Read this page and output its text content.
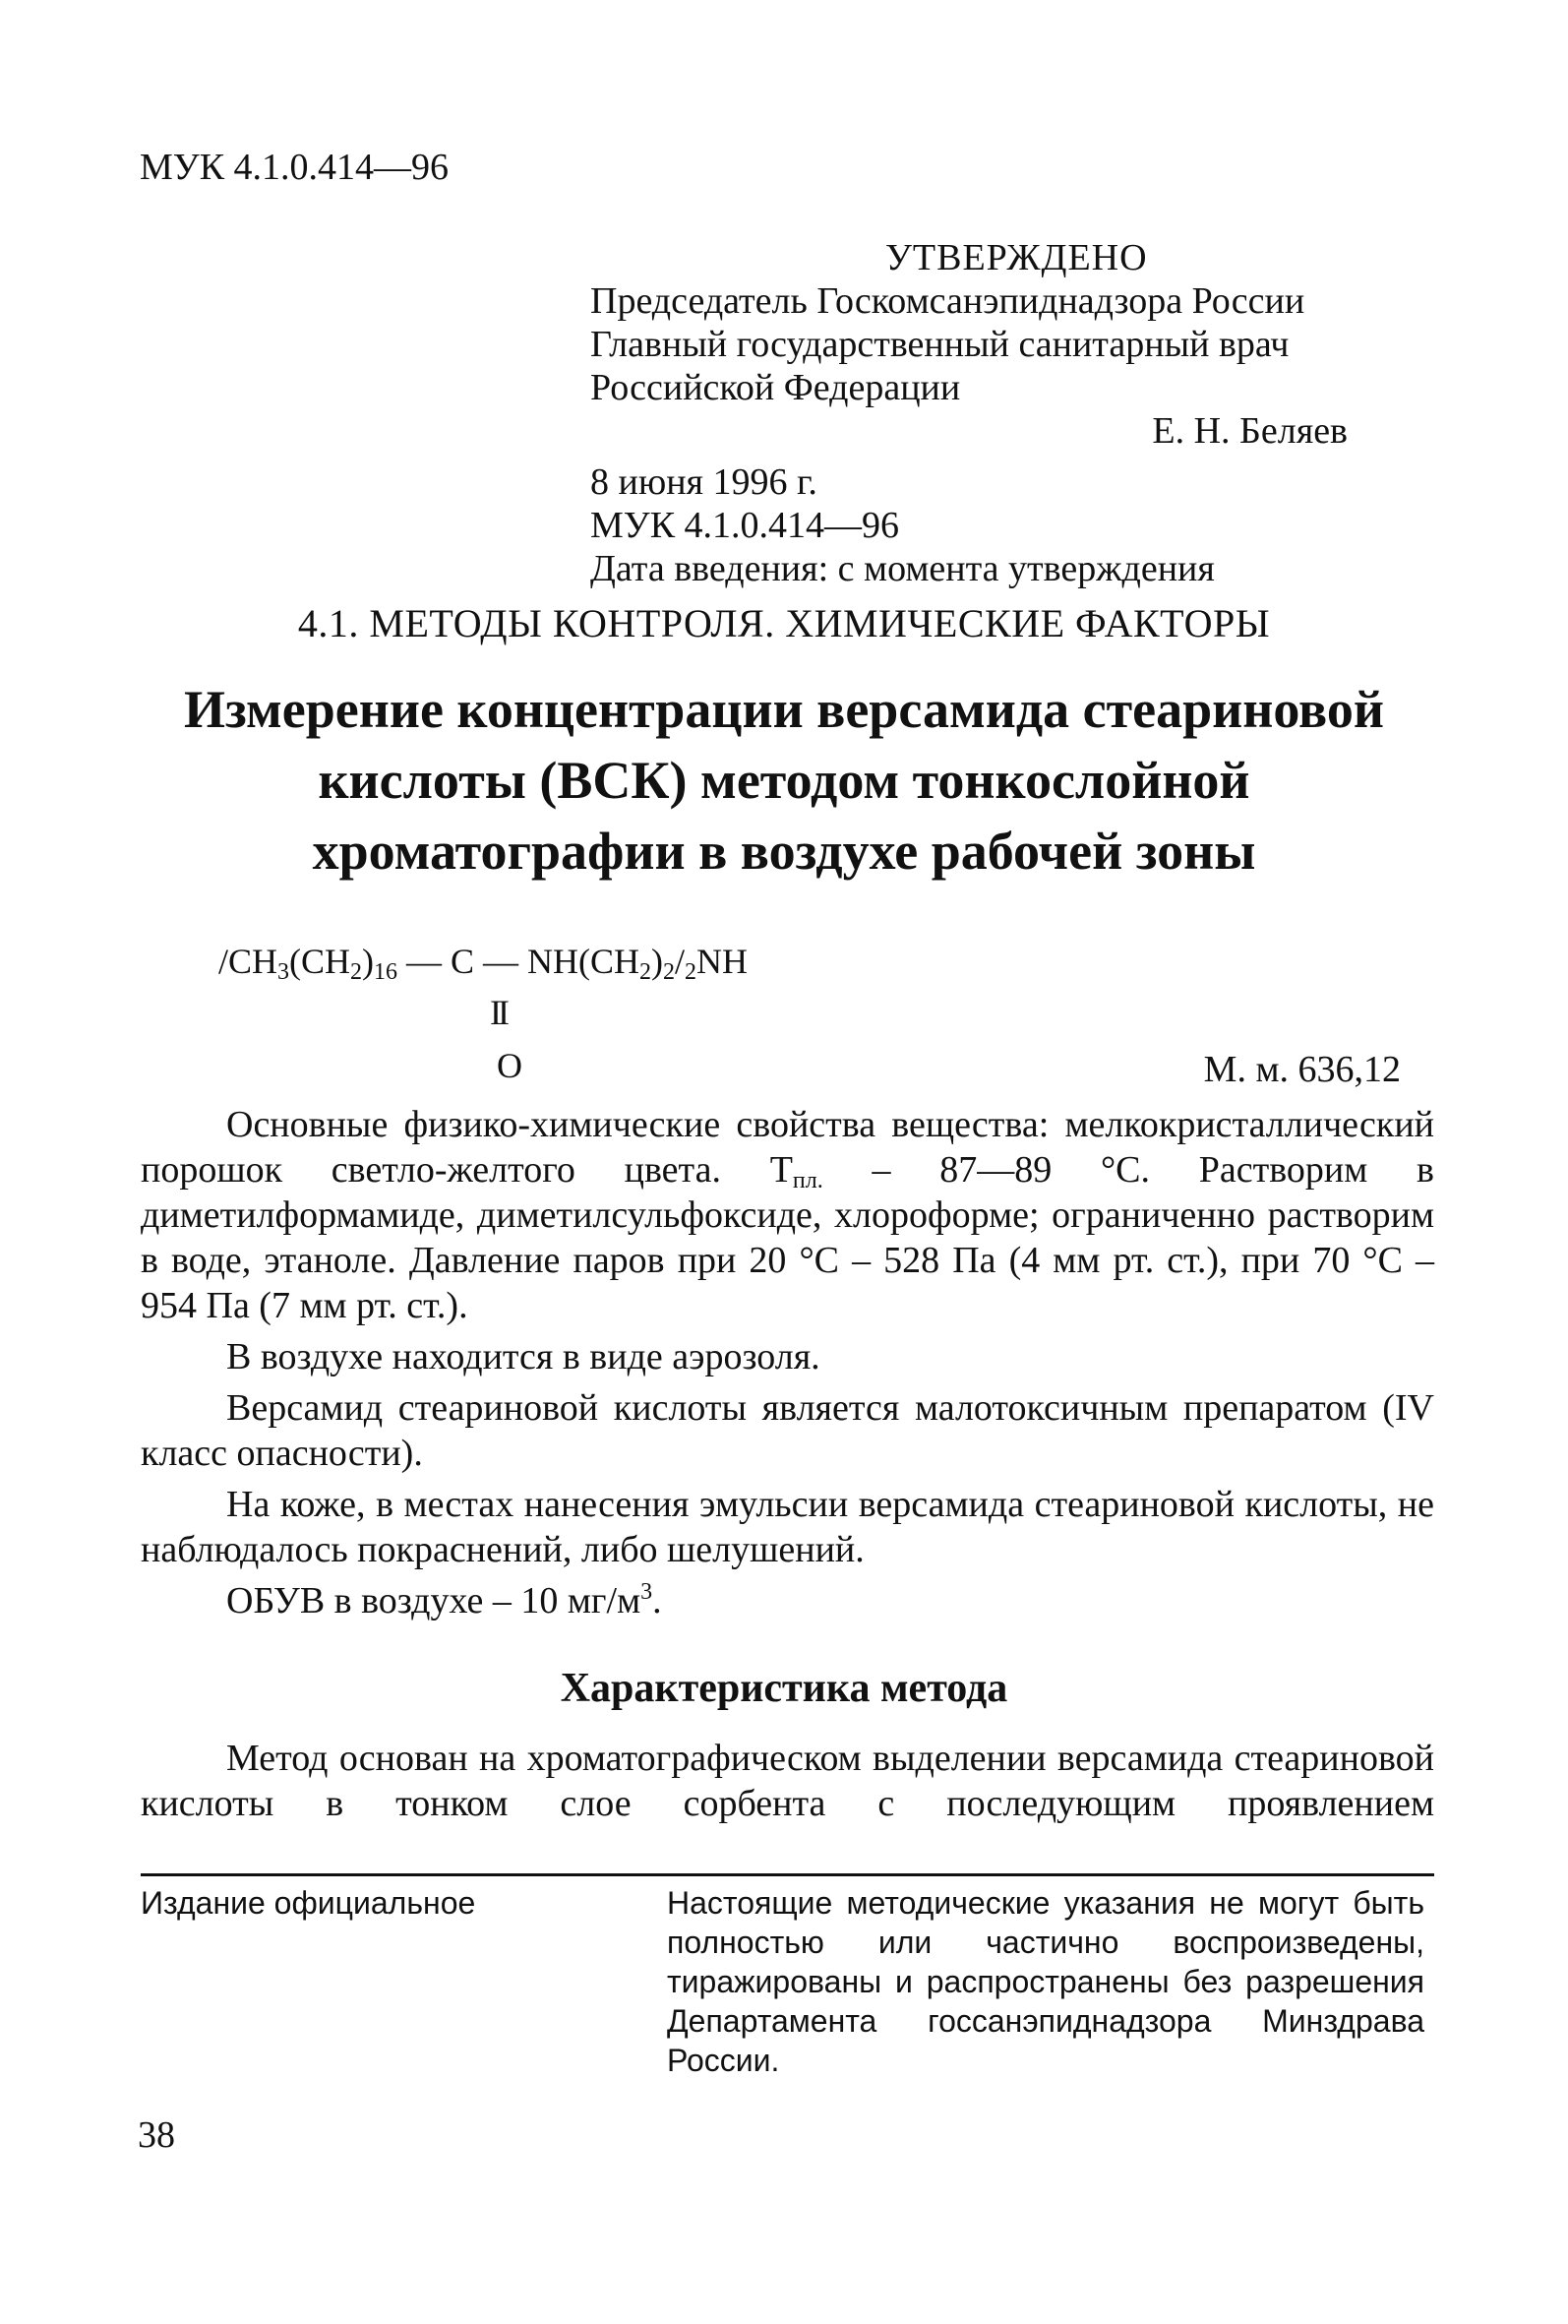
МУК 4.1.0.414—96
УТВЕРЖДЕНО
Председатель Госкомсанэпиднадзора России
Главный государственный санитарный врач
Российской Федерации
Е. Н. Беляев
8 июня 1996 г.
МУК 4.1.0.414—96
Дата введения: с момента утверждения
4.1. МЕТОДЫ КОНТРОЛЯ. ХИМИЧЕСКИЕ ФАКТОРЫ
Измерение концентрации версамида стеариновой
кислоты (ВСК) методом тонкослойной
хроматографии в воздухе рабочей зоны
$/CH_3(CH_2)_{16}$ — C — $NH(CH_2)_2/_2NH$
II
O	М. м. 636,12

Основные физико-химические свойства вещества: мелкокристаллический порошок светло-желтого цвета. Тпл. – 87—89 °С. Растворим в диметилформамиде, диметилсульфоксиде, хлороформе; ограниченно растворим в воде, этаноле. Давление паров при 20 °С – 528 Па (4 мм рт. ст.), при 70 °С – 954 Па (7 мм рт. ст.).

В воздухе находится в виде аэрозоля.

Версамид стеариновой кислоты является малотоксичным препаратом (IV класс опасности).

На коже, в местах нанесения эмульсии версамида стеариновой кислоты, не наблюдалось покраснений, либо шелушений.

ОБУВ в воздухе – 10 $мг/м^3$.

Характеристика метода

Метод основан на хроматографическом выделении версамида стеариновой кислоты в тонком слое сорбента с последующим проявлением

Издание официальное	Настоящие методические указания не могут быть полностью или частично воспроизведены, тиражированы и распространены без разрешения Департамента госсанэпиднадзора Минздрава России.
38
